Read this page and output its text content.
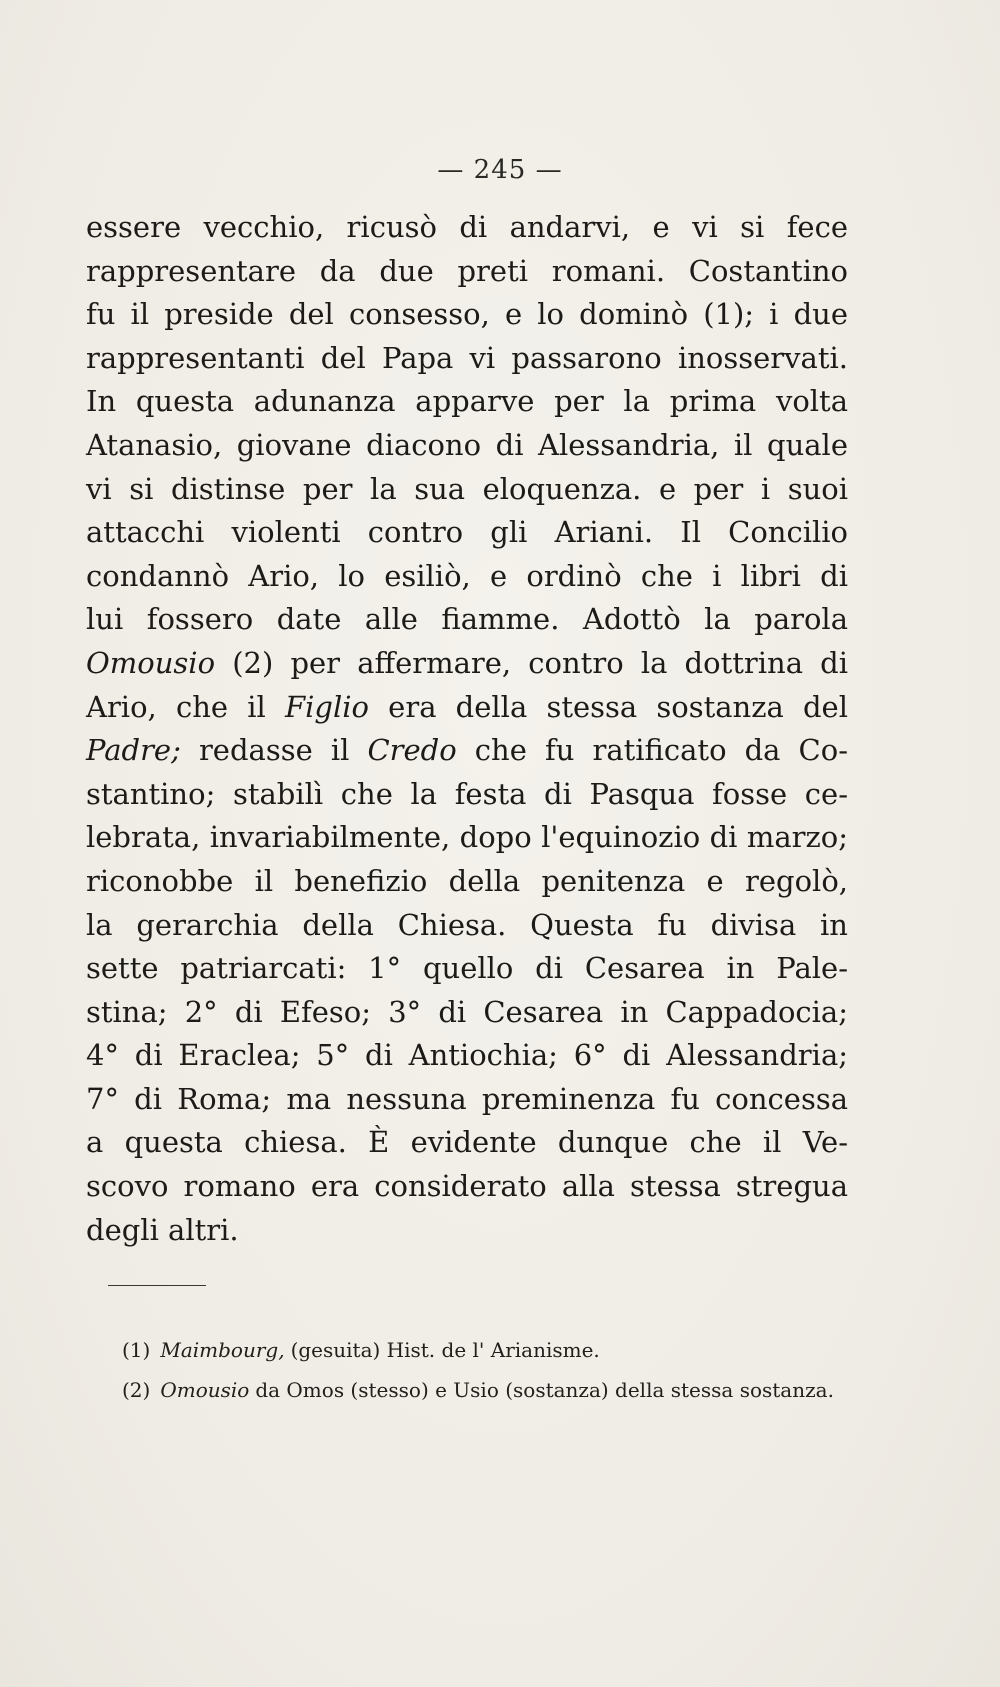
— 245 —
essere vecchio, ricusò di andarvi, e vi si fece
rappresentare da due preti romani. Costantino
fu il preside del consesso, e lo dominò (1); i due
rappresentanti del Papa vi passarono inosservati.
In questa adunanza apparve per la prima volta
Atanasio, giovane diacono di Alessandria, il quale
vi si distinse per la sua eloquenza. e per i suoi
attacchi violenti contro gli Ariani. Il Concilio
condannò Ario, lo esiliò, e ordinò che i libri di
lui fossero date alle fiamme. Adottò la parola
Omousio (2) per affermare, contro la dottrina di
Ario, che il Figlio era della stessa sostanza del
Padre; redasse il Credo che fu ratificato da Co-
stantino; stabilì che la festa di Pasqua fosse ce-
lebrata, invariabilmente, dopo l'equinozio di marzo;
riconobbe il benefizio della penitenza e regolò,
la gerarchia della Chiesa. Questa fu divisa in
sette patriarcati: 1° quello di Cesarea in Pale-
stina; 2° di Efeso; 3° di Cesarea in Cappadocia;
4° di Eraclea; 5° di Antiochia; 6° di Alessandria;
7° di Roma; ma nessuna preminenza fu concessa
a questa chiesa. È evidente dunque che il Ve-
scovo romano era considerato alla stessa stregua
degli altri.
(1) Maimbourg, (gesuita) Hist. de l' Arianisme.
(2) Omousio da Omos (stesso) e Usio (sostanza) della stessa sostanza.
